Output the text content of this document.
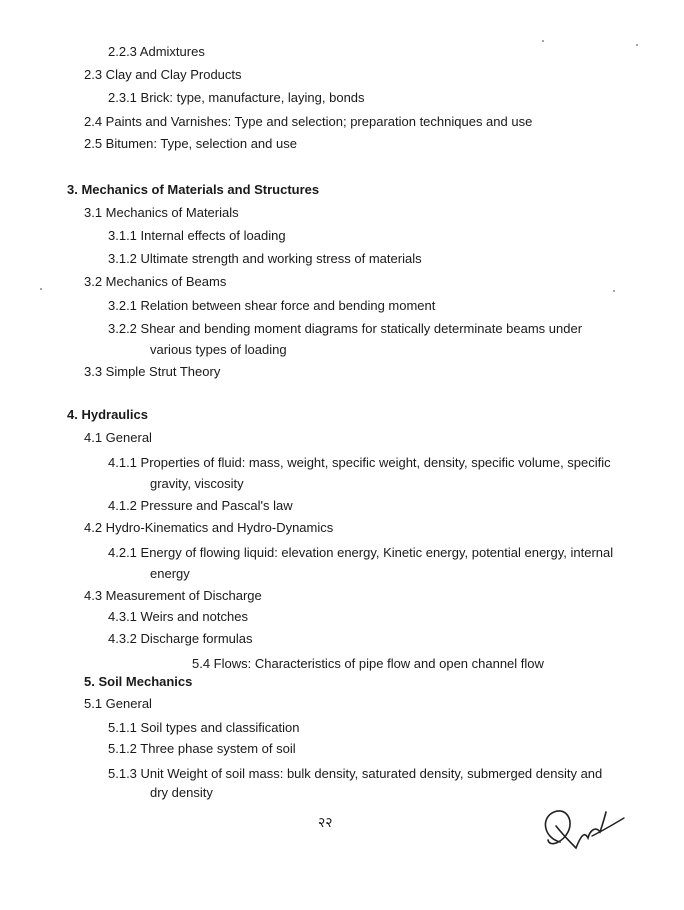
2.2.3 Admixtures
2.3 Clay and Clay Products
2.3.1 Brick: type, manufacture, laying, bonds
2.4 Paints and Varnishes: Type and selection; preparation techniques and use
2.5 Bitumen: Type, selection and use
3. Mechanics of Materials and Structures
3.1 Mechanics of Materials
3.1.1 Internal effects of loading
3.1.2 Ultimate strength and working stress of materials
3.2 Mechanics of Beams
3.2.1 Relation between shear force and bending moment
3.2.2 Shear and bending moment diagrams for statically determinate beams under
various types of loading
3.3 Simple Strut Theory
4. Hydraulics
4.1 General
4.1.1 Properties of fluid: mass, weight, specific weight, density, specific volume, specific
gravity, viscosity
4.1.2 Pressure and Pascal's law
4.2 Hydro-Kinematics and Hydro-Dynamics
4.2.1 Energy of flowing liquid: elevation energy, Kinetic energy, potential energy, internal
energy
4.3 Measurement of Discharge
4.3.1 Weirs and notches
4.3.2 Discharge formulas
5.4 Flows: Characteristics of pipe flow and open channel flow
5. Soil Mechanics
5.1 General
5.1.1 Soil types and classification
5.1.2 Three phase system of soil
5.1.3 Unit Weight of soil mass: bulk density, saturated density, submerged density and
dry density
२२
